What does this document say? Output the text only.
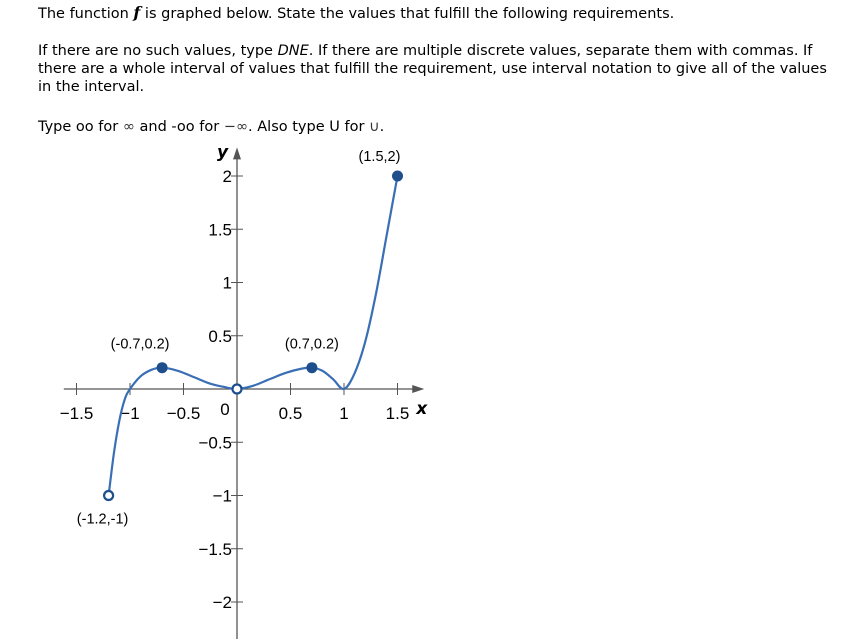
The function f is graphed below. State the values that fulfill the following requirements.

If there are no such values, type DNE. If there are multiple discrete values, separate them with commas. If there are a whole interval of values that fulfill the requirement, use interval notation to give all of the values in the interval.

Type oo for ∞ and -oo for −∞. Also type U for ∪.

x
y
−1.5 −1 −0.5	0.5 1 1.5
0
2
1.5
1
0.5
−0.5
−1
−1.5
−2
(-1.2,-1)
(-0.7,0.2)	(0.7,0.2)
(1.5,2)
